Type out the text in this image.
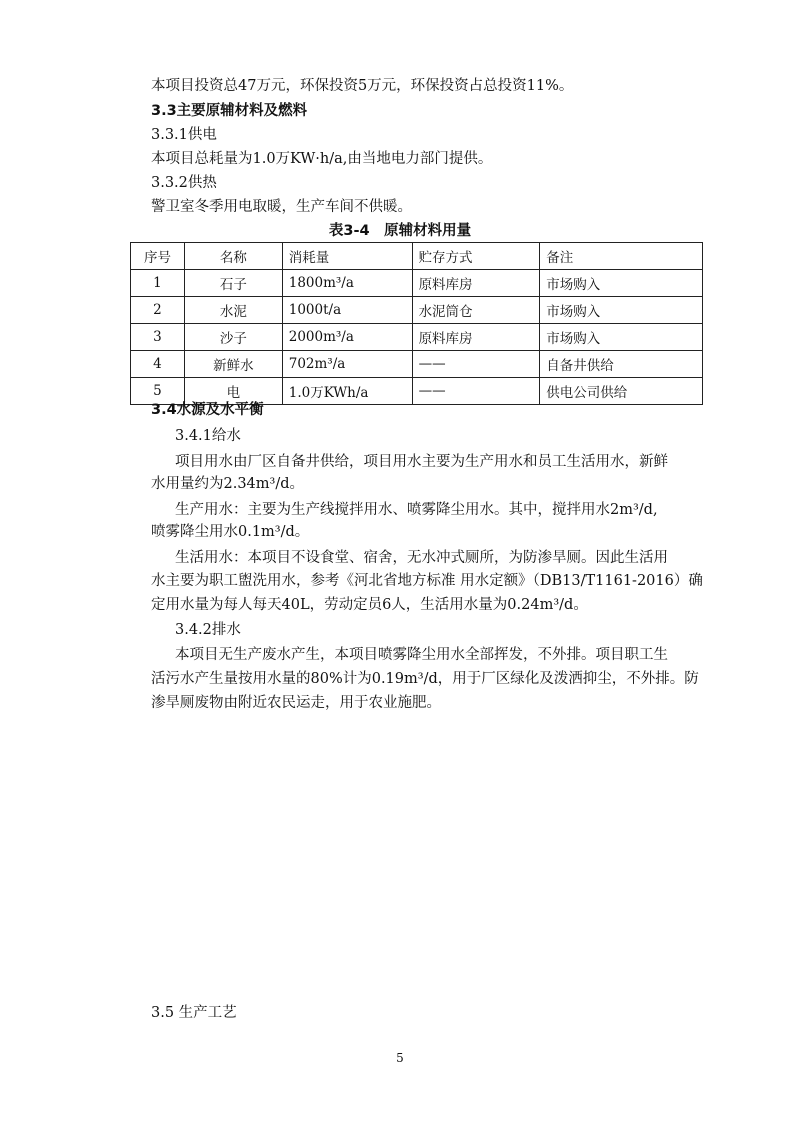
本项目投资总47万元，环保投资5万元，环保投资占总投资11%。
3.3主要原辅材料及燃料
3.3.1供电
本项目总耗量为1.0万KW·h/a,由当地电力部门提供。
3.3.2供热
警卫室冬季用电取暖，生产车间不供暖。
表3-4　原辅材料用量
序号	名称	消耗量	贮存方式	备注
1	石子	1800m³/a	原料库房	市场购入
2	水泥	1000t/a	水泥筒仓	市场购入
3	沙子	2000m³/a	原料库房	市场购入
4	新鲜水	702m³/a	——	自备井供给
5	电	1.0万KWh/a	——	供电公司供给
3.4水源及水平衡
3.4.1给水
项目用水由厂区自备井供给，项目用水主要为生产用水和员工生活用水，新鲜
水用量约为2.34m³/d。
生产用水：主要为生产线搅拌用水、喷雾降尘用水。其中，搅拌用水2m³/d,
喷雾降尘用水0.1m³/d。
生活用水：本项目不设食堂、宿舍，无水冲式厕所，为防渗旱厕。因此生活用
水主要为职工盥洗用水，参考《河北省地方标准 用水定额》（DB13/T1161-2016）确
定用水量为每人每天40L，劳动定员6人，生活用水量为0.24m³/d。
3.4.2排水
本项目无生产废水产生，本项目喷雾降尘用水全部挥发，不外排。项目职工生
活污水产生量按用水量的80%计为0.19m³/d，用于厂区绿化及泼洒抑尘，不外排。防
渗旱厕废物由附近农民运走，用于农业施肥。
3.5 生产工艺
5
